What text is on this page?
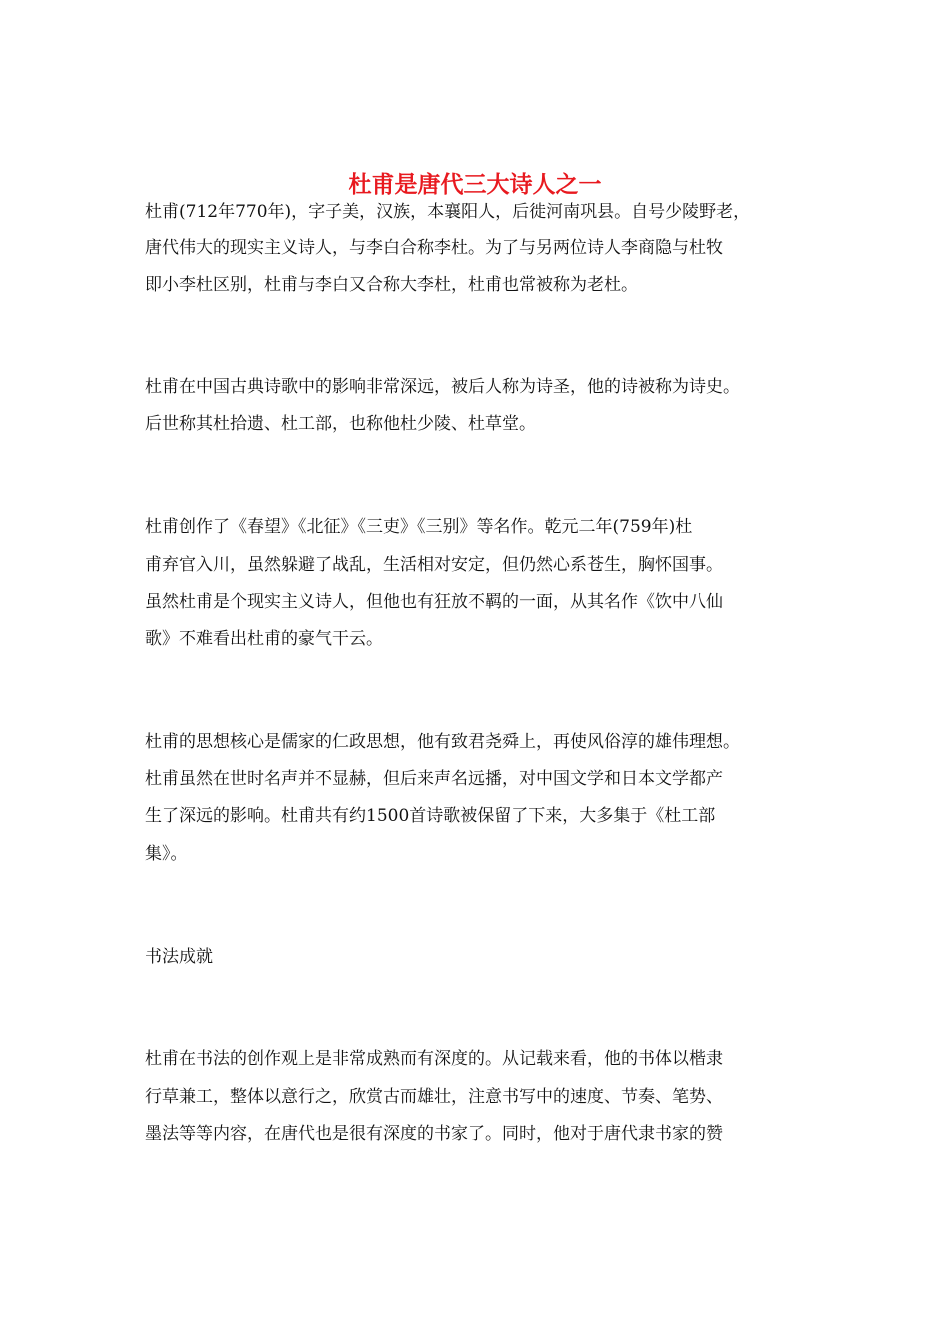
杜甫是唐代三大诗人之一

杜甫(712年770年)，字子美，汉族，本襄阳人，后徙河南巩县。自号少陵野老，

唐代伟大的现实主义诗人，与李白合称李杜。为了与另两位诗人李商隐与杜牧

即小李杜区别，杜甫与李白又合称大李杜，杜甫也常被称为老杜。

杜甫在中国古典诗歌中的影响非常深远，被后人称为诗圣，他的诗被称为诗史。

后世称其杜拾遗、杜工部，也称他杜少陵、杜草堂。

杜甫创作了《春望》《北征》《三吏》《三别》等名作。乾元二年(759年)杜

甫弃官入川，虽然躲避了战乱，生活相对安定，但仍然心系苍生，胸怀国事。

虽然杜甫是个现实主义诗人，但他也有狂放不羁的一面，从其名作《饮中八仙

歌》不难看出杜甫的豪气干云。

杜甫的思想核心是儒家的仁政思想，他有致君尧舜上，再使风俗淳的雄伟理想。

杜甫虽然在世时名声并不显赫，但后来声名远播，对中国文学和日本文学都产

生了深远的影响。杜甫共有约1500首诗歌被保留了下来，大多集于《杜工部

集》。

书法成就

杜甫在书法的创作观上是非常成熟而有深度的。从记载来看，他的书体以楷隶

行草兼工，整体以意行之，欣赏古而雄壮，注意书写中的速度、节奏、笔势、

墨法等等内容，在唐代也是很有深度的书家了。同时，他对于唐代隶书家的赞
